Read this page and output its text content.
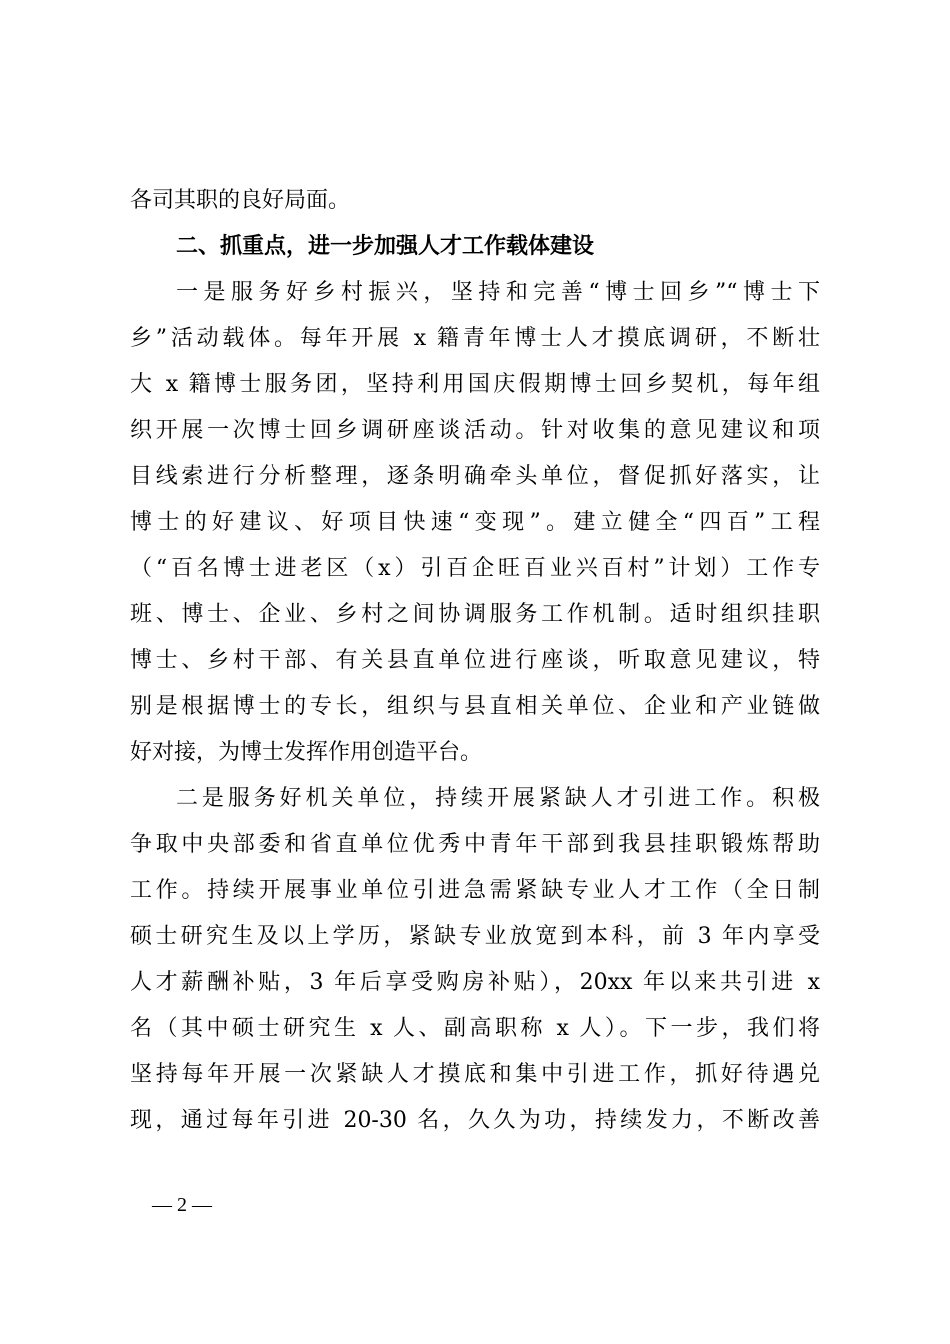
各司其职的良好局面。
二、抓重点，进一步加强人才工作载体建设
一是服务好乡村振兴，坚持和完善“博士回乡”“博士下
乡”活动载体。每年开展 x 籍青年博士人才摸底调研，不断壮
大 x 籍博士服务团，坚持利用国庆假期博士回乡契机，每年组
织开展一次博士回乡调研座谈活动。针对收集的意见建议和项
目线索进行分析整理，逐条明确牵头单位，督促抓好落实，让
博士的好建议、好项目快速“变现”。建立健全“四百”工程
（“百名博士进老区（x）引百企旺百业兴百村”计划）工作专
班、博士、企业、乡村之间协调服务工作机制。适时组织挂职
博士、乡村干部、有关县直单位进行座谈，听取意见建议，特
别是根据博士的专长，组织与县直相关单位、企业和产业链做
好对接，为博士发挥作用创造平台。
二是服务好机关单位，持续开展紧缺人才引进工作。积极
争取中央部委和省直单位优秀中青年干部到我县挂职锻炼帮助
工作。持续开展事业单位引进急需紧缺专业人才工作（全日制
硕士研究生及以上学历，紧缺专业放宽到本科，前 3 年内享受
人才薪酬补贴，3 年后享受购房补贴），20xx 年以来共引进 x
名（其中硕士研究生 x 人、副高职称 x 人）。下一步，我们将
坚持每年开展一次紧缺人才摸底和集中引进工作，抓好待遇兑
现，通过每年引进 20-30 名，久久为功，持续发力，不断改善
— 2 —
